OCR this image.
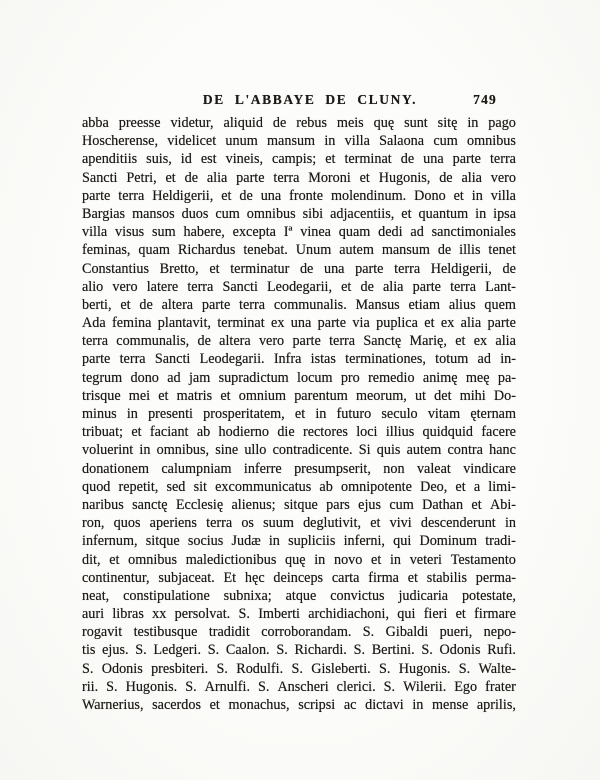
DE L'ABBAYE DE CLUNY.	749
abba preesse videtur, aliquid de rebus meis quę sunt sitę in pago
Hoscherense, videlicet unum mansum in villa Salaona cum omnibus
apenditiis suis, id est vineis, campis; et terminat de una parte terra
Sancti Petri, et de alia parte terra Moroni et Hugonis, de alia vero
parte terra Heldigerii, et de una fronte molendinum. Dono et in villa
Bargias mansos duos cum omnibus sibi adjacentiis, et quantum in ipsa
villa visus sum habere, excepta Iª vinea quam dedi ad sanctimoniales
feminas, quam Richardus tenebat. Unum autem mansum de illis tenet
Constantius Bretto, et terminatur de una parte terra Heldigerii, de
alio vero latere terra Sancti Leodegarii, et de alia parte terra Lant-
berti, et de altera parte terra communalis. Mansus etiam alius quem
Ada femina plantavit, terminat ex una parte via puplica et ex alia parte
terra communalis, de altera vero parte terra Sanctę Marię, et ex alia
parte terra Sancti Leodegarii. Infra istas terminationes, totum ad in-
tegrum dono ad jam supradictum locum pro remedio animę meę pa-
trisque mei et matris et omnium parentum meorum, ut det mihi Do-
minus in presenti prosperitatem, et in futuro seculo vitam ęternam
tribuat; et faciant ab hodierno die rectores loci illius quidquid facere
voluerint in omnibus, sine ullo contradicente. Si quis autem contra hanc
donationem calumpniam inferre presumpserit, non valeat vindicare
quod repetit, sed sit excommunicatus ab omnipotente Deo, et a limi-
naribus sanctę Ecclesię alienus; sitque pars ejus cum Dathan et Abi-
ron, quos aperiens terra os suum deglutivit, et vivi descenderunt in
infernum, sitque socius Judæ in supliciis inferni, qui Dominum tradi-
dit, et omnibus maledictionibus quę in novo et in veteri Testamento
continentur, subjaceat. Et hęc deinceps carta firma et stabilis perma-
neat, constipulatione subnixa; atque convictus judicaria potestate,
auri libras xx persolvat. S. Imberti archidiachoni, qui fieri et firmare
rogavit testibusque tradidit corroborandam. S. Gibaldi pueri, nepo-
tis ejus. S. Ledgeri. S. Caalon. S. Richardi. S. Bertini. S. Odonis Rufi.
S. Odonis presbiteri. S. Rodulfi. S. Gisleberti. S. Hugonis. S. Walte-
rii. S. Hugonis. S. Arnulfi. S. Anscheri clerici. S. Wilerii. Ego frater
Warnerius, sacerdos et monachus, scripsi ac dictavi in mense aprilis,
